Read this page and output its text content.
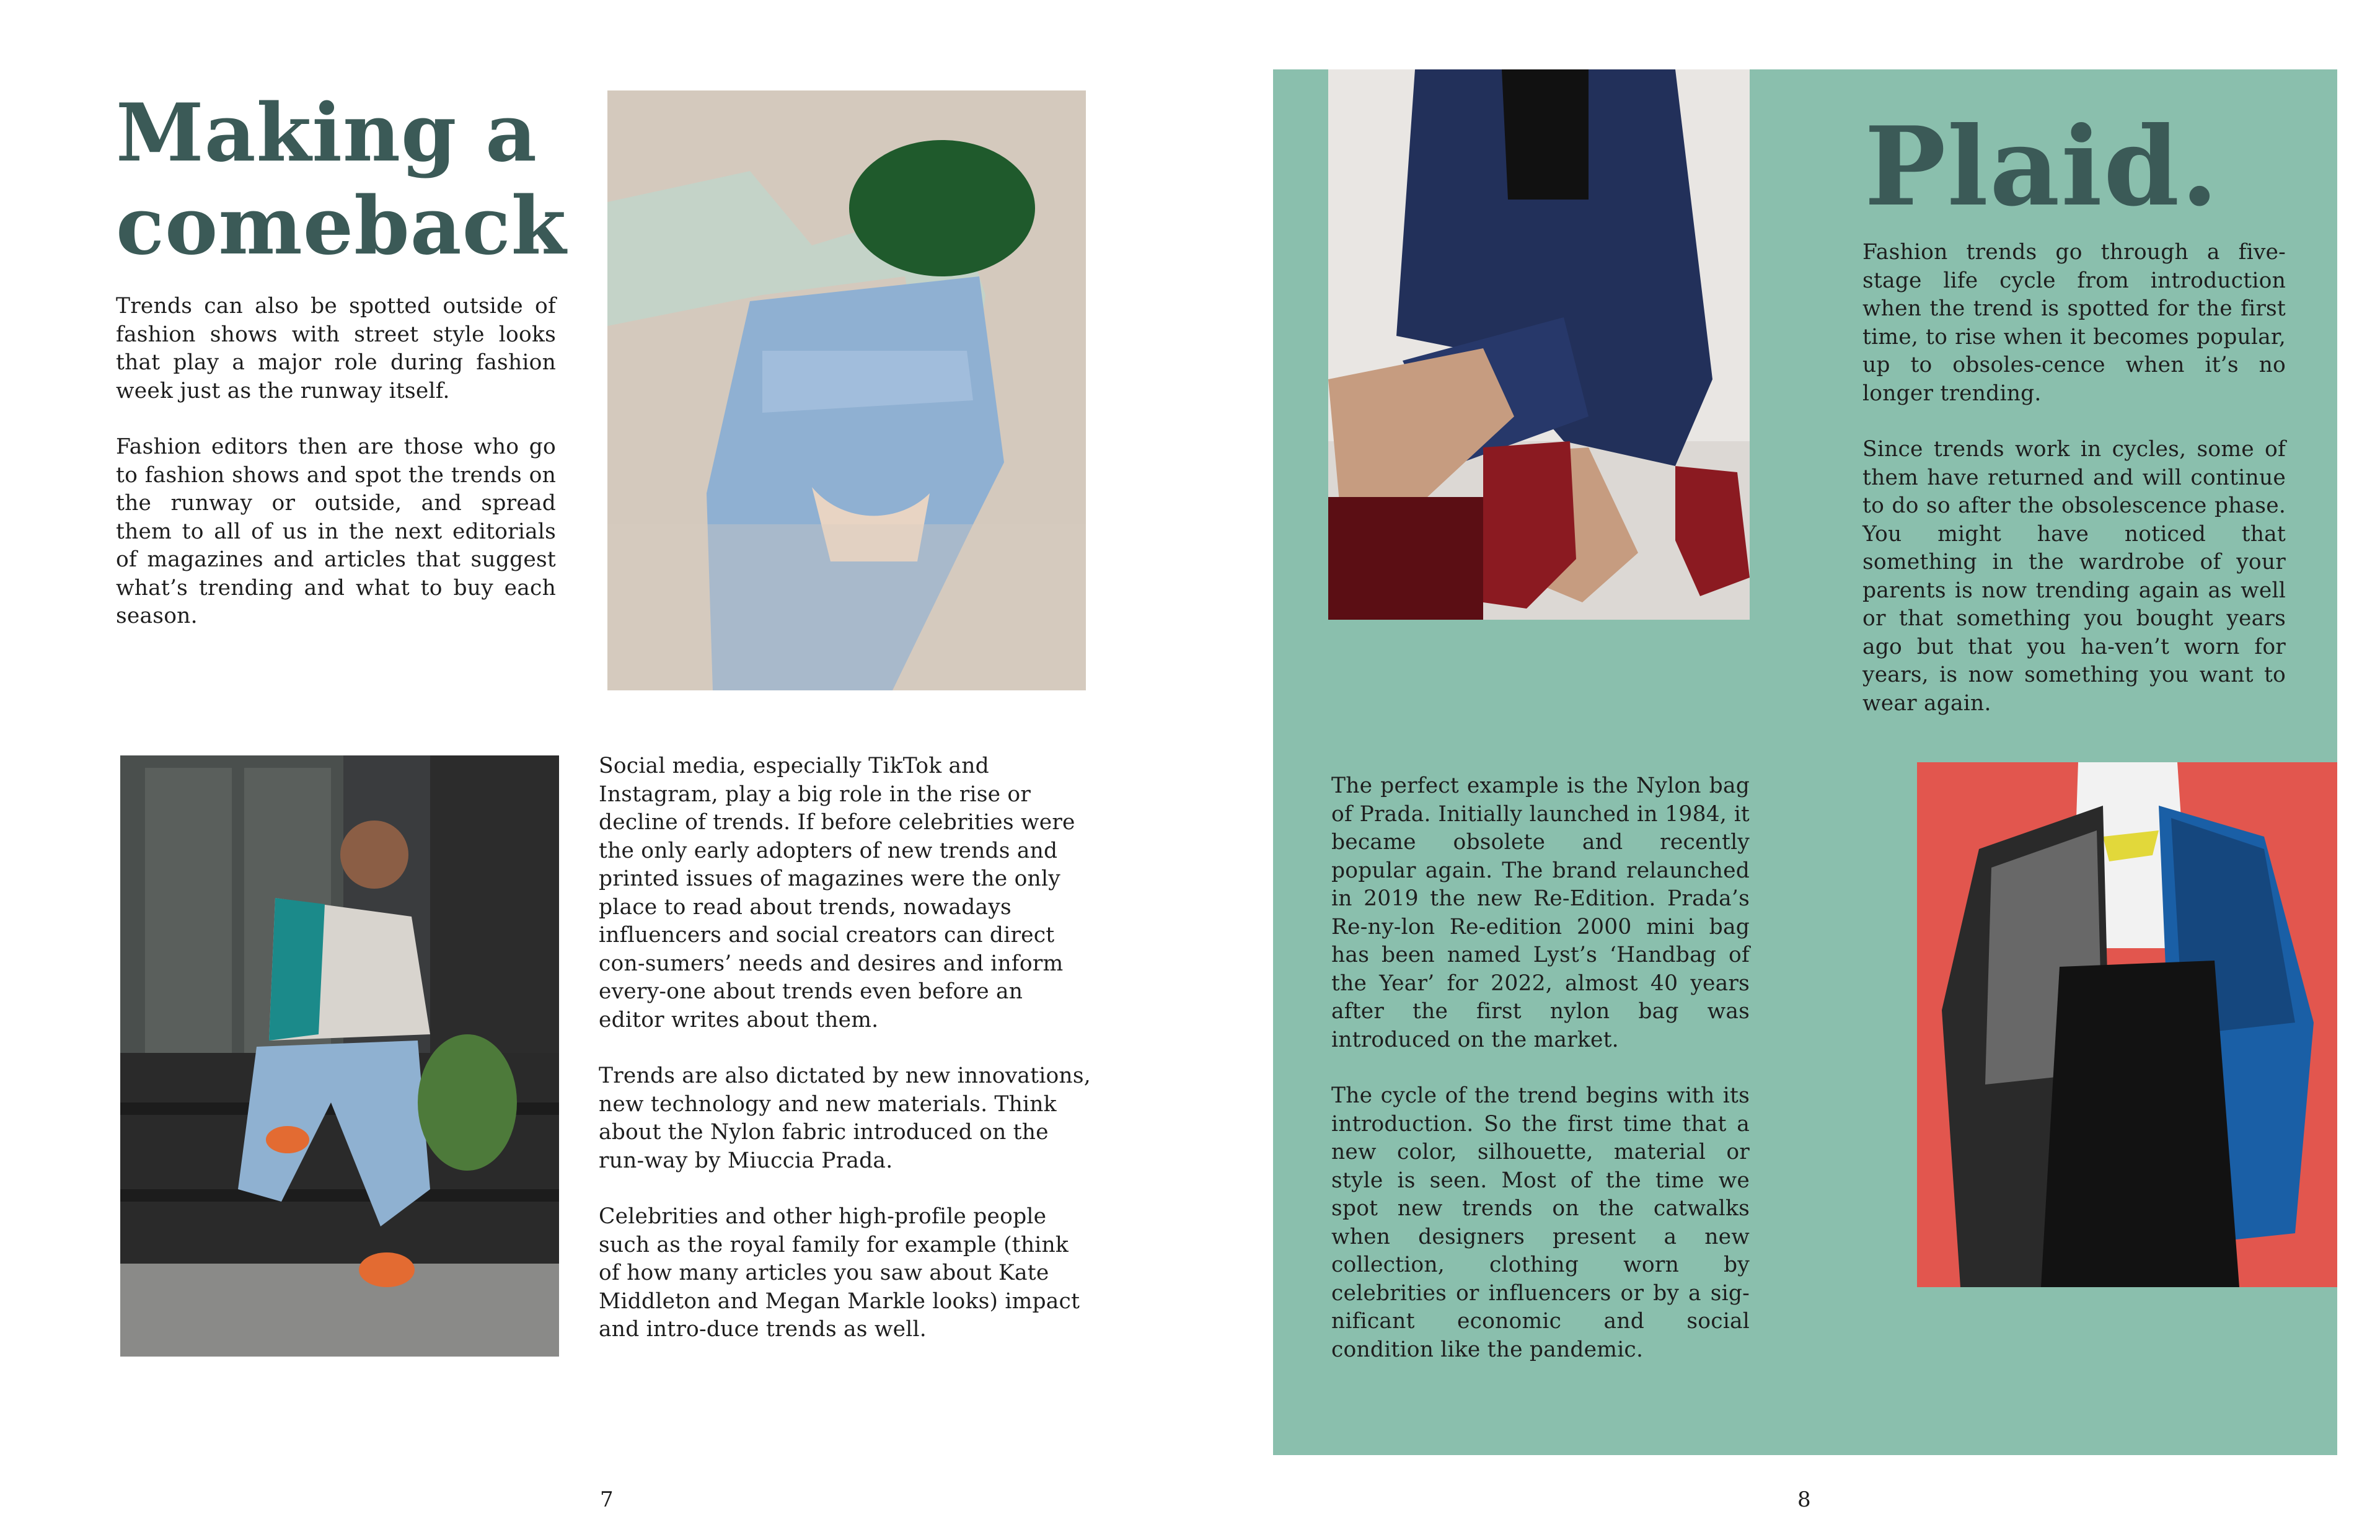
Making a
comeback

Trends can also be spotted outside of fashion shows with street style looks that play a major role during fashion week just as the runway itself.

Fashion editors then are those who go to fashion shows and spot the trends on the runway or outside, and spread them to all of us in the next editorials of magazines and articles that suggest what’s trending and what to buy each season.

Social media, especially TikTok and Instagram, play a big role in the rise or decline of trends. If before celebrities were the only early adopters of new trends and printed issues of magazines were the only place to read about trends, nowadays influencers and social creators can direct con-sumers’ needs and desires and inform every-one about trends even before an editor writes about them.

Trends are also dictated by new innovations, new technology and new materials. Think about the Nylon fabric introduced on the run-way by Miuccia Prada.

Celebrities and other high-profile people such as the royal family for example (think of how many articles you saw about Kate Middleton and Megan Markle looks) impact and intro-duce trends as well.

7
Plaid.

Fashion trends go through a five-stage life cycle from introduction when the trend is spotted for the first time, to rise when it becomes popular, up to obsoles-cence when it’s no longer trending.

Since trends work in cycles, some of them have returned and will continue to do so after the obsolescence phase. You might have noticed that something in the wardrobe of your parents is now trending again as well or that something you bought years ago but that you ha-ven’t worn for years, is now something you want to wear again.

The perfect example is the Nylon bag of Prada. Initially launched in 1984, it became obsolete and recently popular again. The brand relaunched in 2019 the new Re-Edition. Prada’s Re-ny-lon Re-edition 2000 mini bag has been named Lyst’s ‘Handbag of the Year’ for 2022, almost 40 years after the first nylon bag was introduced on the market.

The cycle of the trend begins with its introduction. So the first time that a new color, silhouette, material or style is seen. Most of the time we spot new trends on the catwalks when designers present a new collection, clothing worn by celebrities or influencers or by a sig-nificant economic and social condition like the pandemic.

8
